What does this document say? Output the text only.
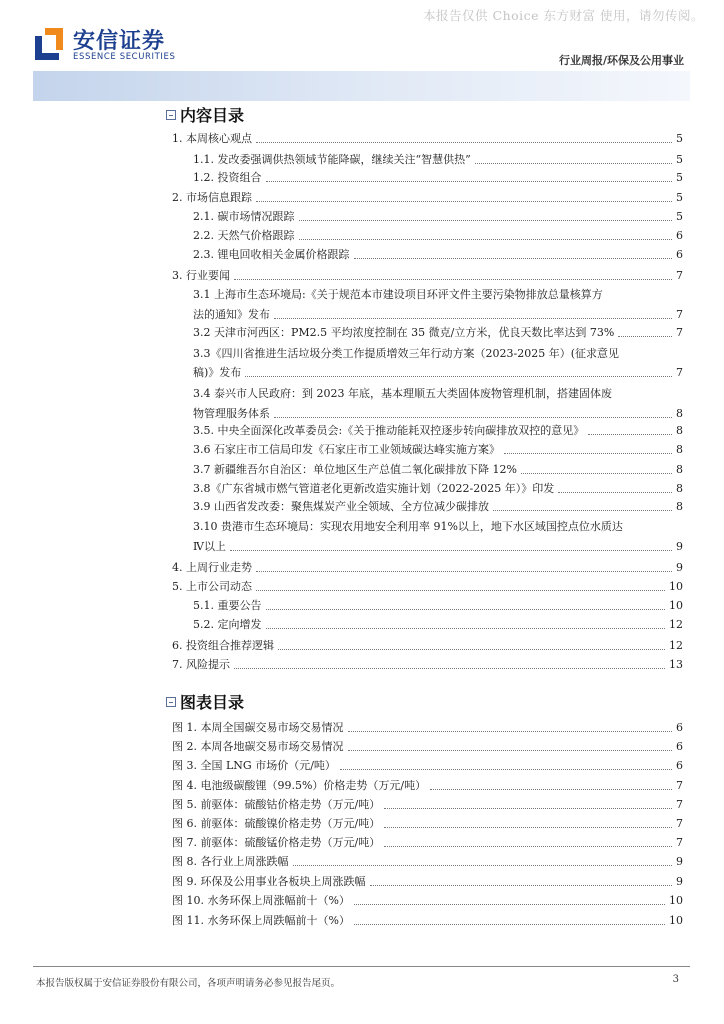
本报告仅供 Choice 东方财富 使用，请勿传阅。
安信证券
ESSENCE SECURITIES	行业周报/环保及公用事业
内容目录
1. 本周核心观点	5
1.1. 发改委强调供热领域节能降碳，继续关注“智慧供热”	5
1.2. 投资组合	5
2. 市场信息跟踪	5
2.1. 碳市场情况跟踪	5
2.2. 天然气价格跟踪	6
2.3. 锂电回收相关金属价格跟踪	6
3. 行业要闻	7
3.1 上海市生态环境局:《关于规范本市建设项目环评文件主要污染物排放总量核算方
法的通知》发布	7
3.2 天津市河西区：PM2.5 平均浓度控制在 35 微克/立方米，优良天数比率达到 73%	7
3.3《四川省推进生活垃圾分类工作提质增效三年行动方案（2023-2025 年）(征求意见
稿)》发布	7
3.4 泰兴市人民政府：到 2023 年底，基本理顺五大类固体废物管理机制，搭建固体废
物管理服务体系	8
3.5. 中央全面深化改革委员会:《关于推动能耗双控逐步转向碳排放双控的意见》	8
3.6 石家庄市工信局印发《石家庄市工业领域碳达峰实施方案》	8
3.7 新疆维吾尔自治区：单位地区生产总值二氧化碳排放下降 12%	8
3.8《广东省城市燃气管道老化更新改造实施计划（2022-2025 年）》印发	8
3.9 山西省发改委：聚焦煤炭产业全领域、全方位减少碳排放	8
3.10 贵港市生态环境局：实现农用地安全利用率 91%以上，地下水区域国控点位水质达
Ⅳ以上	9
4. 上周行业走势	9
5. 上市公司动态	10
5.1. 重要公告	10
5.2. 定向增发	12
6. 投资组合推荐逻辑	12
7. 风险提示	13
图表目录
图 1. 本周全国碳交易市场交易情况	6
图 2. 本周各地碳交易市场交易情况	6
图 3. 全国 LNG 市场价（元/吨）	6
图 4. 电池级碳酸锂（99.5%）价格走势（万元/吨）	7
图 5. 前驱体：硫酸钴价格走势（万元/吨）	7
图 6. 前驱体：硫酸镍价格走势（万元/吨）	7
图 7. 前驱体：硫酸锰价格走势（万元/吨）	7
图 8. 各行业上周涨跌幅	9
图 9. 环保及公用事业各板块上周涨跌幅	9
图 10. 水务环保上周涨幅前十（%）	10
图 11. 水务环保上周跌幅前十（%）	10
本报告版权属于安信证券股份有限公司，各项声明请务必参见报告尾页。	3
